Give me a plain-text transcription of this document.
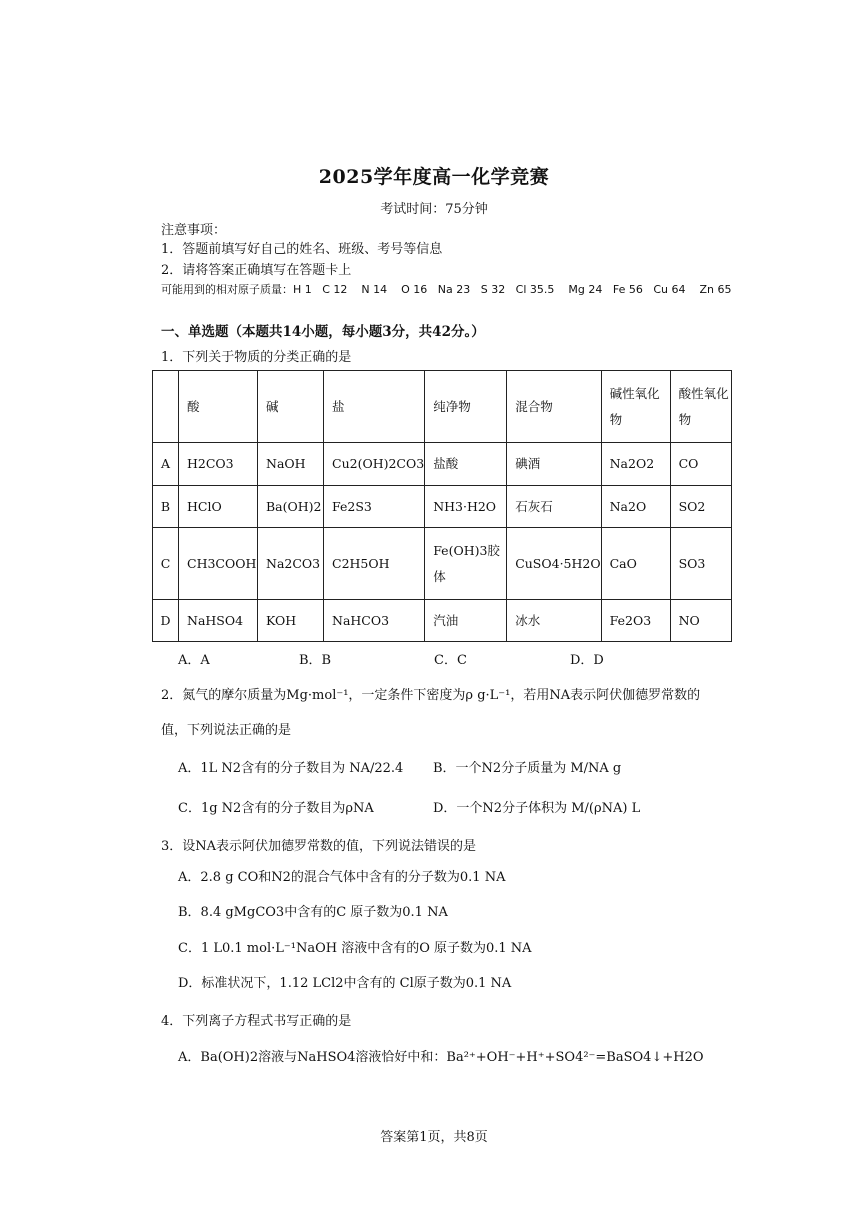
2025学年度高一化学竞赛
考试时间：75分钟
注意事项：
1．答题前填写好自己的姓名、班级、考号等信息
2．请将答案正确填写在答题卡上
可能用到的相对原子质量：H 1   C 12    N 14    O 16   Na 23   S 32   Cl 35.5    Mg 24   Fe 56   Cu 64    Zn 65
一、单选题（本题共14小题，每小题3分，共42分。）
1．下列关于物质的分类正确的是
	酸	碱	盐	纯净物	混合物	碱性氧化物	酸性氧化物
A	H2CO3	NaOH	Cu2(OH)2CO3	盐酸	碘酒	Na2O2	CO
B	HClO	Ba(OH)2	Fe2S3	NH3·H2O	石灰石	Na2O	SO2
C	CH3COOH	Na2CO3	C2H5OH	Fe(OH)3胶体	CuSO4·5H2O	CaO	SO3
D	NaHSO4	KOH	NaHCO3	汽油	冰水	Fe2O3	NO
A．A	B．B	C．C	D．D
2．氮气的摩尔质量为Mg·mol⁻¹，一定条件下密度为ρ g·L⁻¹，若用NA表示阿伏伽德罗常数的
值，下列说法正确的是
A．1L N2含有的分子数目为 NA/22.4 B．一个N2分子质量为 M/NA g
C．1g N2含有的分子数目为ρNA	D．一个N2分子体积为 M/(ρNA) L
3．设NA表示阿伏加德罗常数的值，下列说法错误的是
A．2.8 g CO和N2的混合气体中含有的分子数为0.1 NA
B．8.4 gMgCO3中含有的C 原子数为0.1 NA
C．1 L0.1 mol·L⁻¹NaOH 溶液中含有的O 原子数为0.1 NA
D．标准状况下，1.12 LCl2中含有的 Cl原子数为0.1 NA
4．下列离子方程式书写正确的是
A．Ba(OH)2溶液与NaHSO4溶液恰好中和：Ba²⁺+OH⁻+H⁺+SO4²⁻=BaSO4↓+H2O
答案第1页，共8页
